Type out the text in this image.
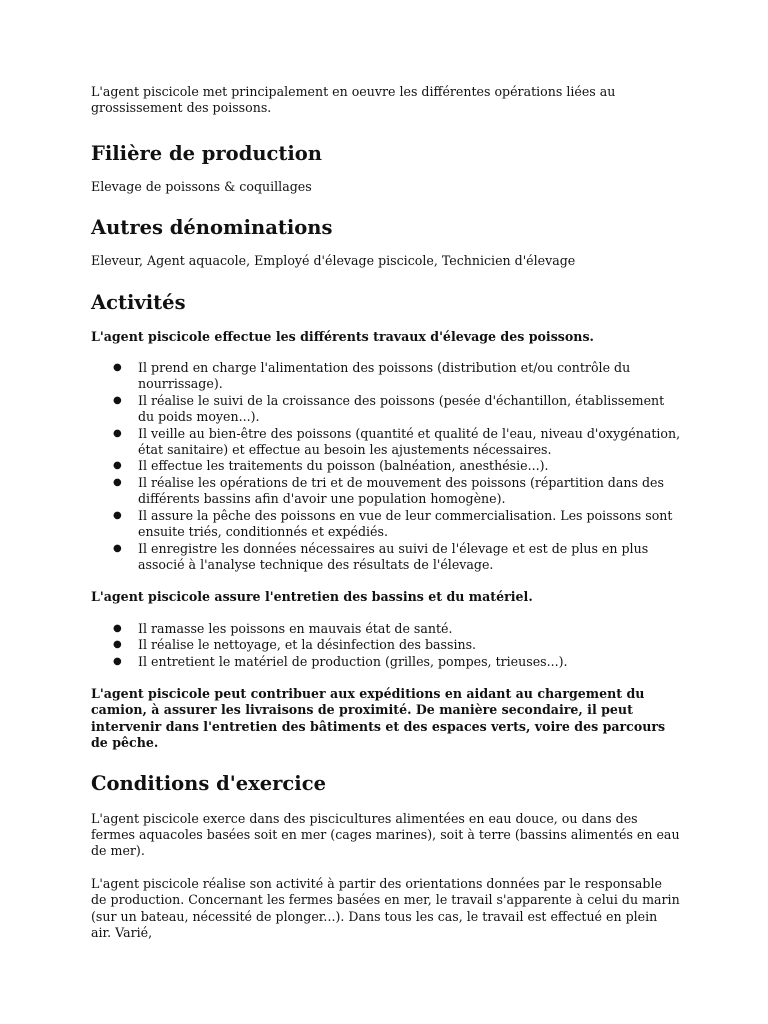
L'agent piscicole met principalement en oeuvre les différentes opérations liées au grossissement des poissons.

Filière de production

Elevage de poissons & coquillages

Autres dénominations

Eleveur, Agent aquacole, Employé d'élevage piscicole, Technicien d'élevage

Activités

L'agent piscicole effectue les différents travaux d'élevage des poissons.

● Il prend en charge l'alimentation des poissons (distribution et/ou contrôle du nourrissage).
● Il réalise le suivi de la croissance des poissons (pesée d'échantillon, établissement du poids moyen...).
● Il veille au bien-être des poissons (quantité et qualité de l'eau, niveau d'oxygénation, état sanitaire) et effectue au besoin les ajustements nécessaires.
● Il effectue les traitements du poisson (balnéation, anesthésie...).
● Il réalise les opérations de tri et de mouvement des poissons (répartition dans des différents bassins afin d'avoir une population homogène).
● Il assure la pêche des poissons en vue de leur commercialisation. Les poissons sont ensuite triés, conditionnés et expédiés.
● Il enregistre les données nécessaires au suivi de l'élevage et est de plus en plus associé à l'analyse technique des résultats de l'élevage.

L'agent piscicole assure l'entretien des bassins et du matériel.

● Il ramasse les poissons en mauvais état de santé.
● Il réalise le nettoyage, et la désinfection des bassins.
● Il entretient le matériel de production (grilles, pompes, trieuses...).

L'agent piscicole peut contribuer aux expéditions en aidant au chargement du camion, à assurer les livraisons de proximité. De manière secondaire, il peut intervenir dans l'entretien des bâtiments et des espaces verts, voire des parcours de pêche.

Conditions d'exercice

L'agent piscicole exerce dans des piscicultures alimentées en eau douce, ou dans des fermes aquacoles basées soit en mer (cages marines), soit à terre (bassins alimentés en eau de mer).

L'agent piscicole réalise son activité à partir des orientations données par le responsable de production. Concernant les fermes basées en mer, le travail s'apparente à celui du marin (sur un bateau, nécessité de plonger...). Dans tous les cas, le travail est effectué en plein air. Varié,
